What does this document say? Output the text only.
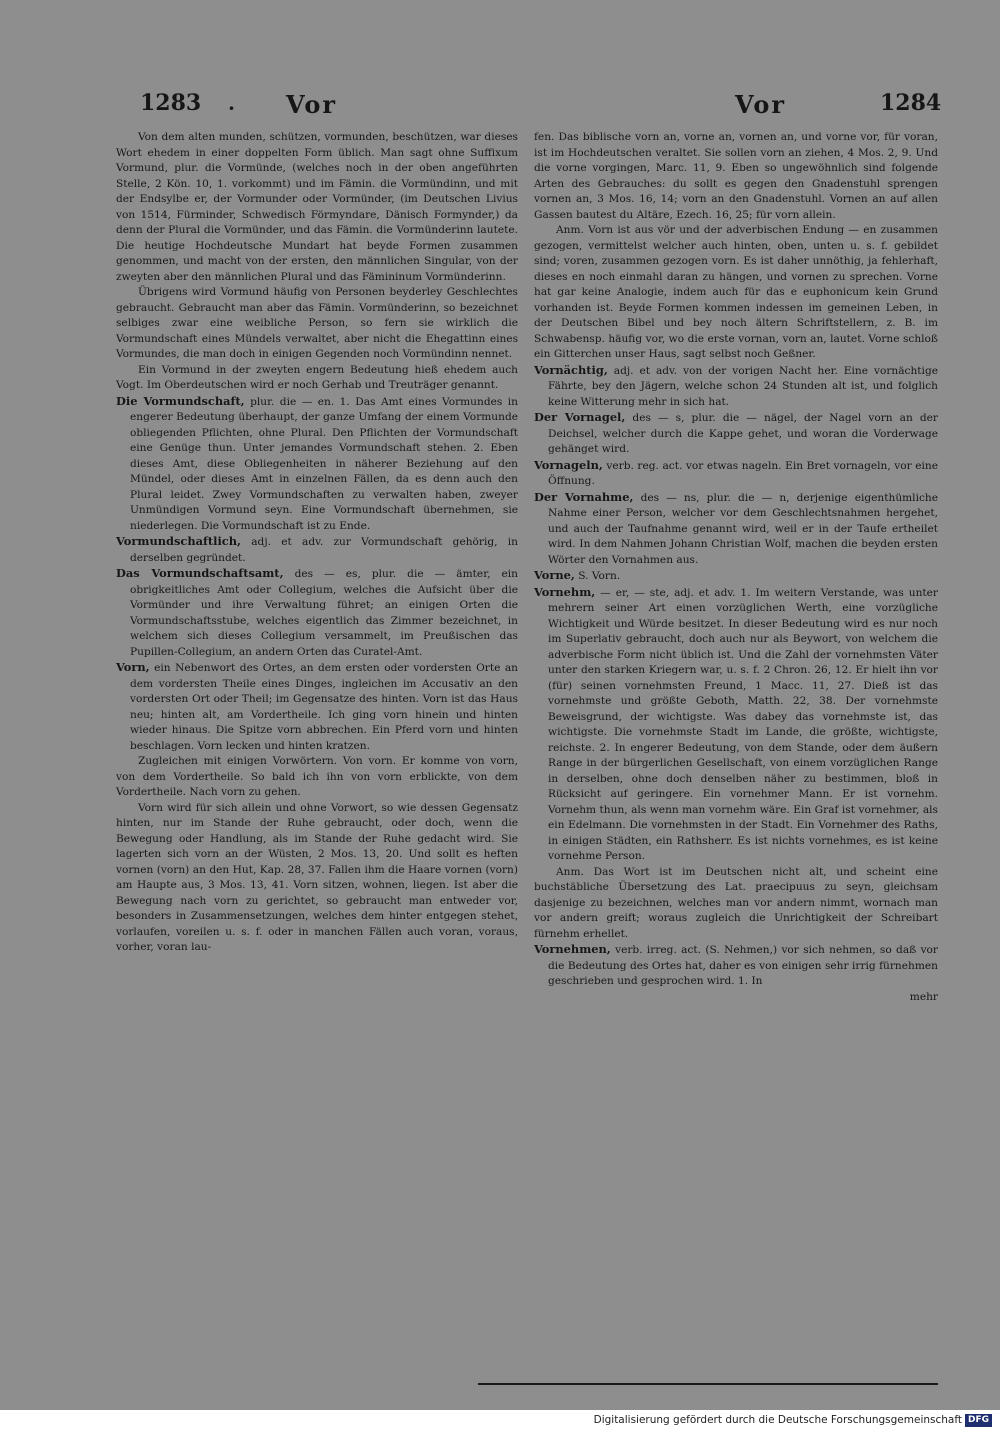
1283 · Vor	Vor	1284

Von dem alten munden, schützen, vormunden, beschützen, war dieses Wort ehedem in einer doppelten Form üblich. Man sagt ohne Suffixum Vormund, plur. die Vormünde, (welches noch in der oben angeführten Stelle, 2 Kön. 10, 1. vorkommt) und im Fämin. die Vormündinn, und mit der Endsylbe er, der Vormunder oder Vormünder, (im Deutschen Livius von 1514, Fürminder, Schwedisch Förmyndare, Dänisch Formynder,) da denn der Plural die Vormünder, und das Fämin. die Vormünderinn lautete. Die heutige Hochdeutsche Mundart hat beyde Formen zusammen genommen, und macht von der ersten, den männlichen Singular, von der zweyten aber den männlichen Plural und das Fämininum Vormünderinn.

Übrigens wird Vormund häufig von Personen beyderley Geschlechtes gebraucht. Gebraucht man aber das Fämin. Vormünderinn, so bezeichnet selbiges zwar eine weibliche Person, so fern sie wirklich die Vormundschaft eines Mündels verwaltet, aber nicht die Ehegattinn eines Vormundes, die man doch in einigen Gegenden noch Vormündinn nennet.

Ein Vormund in der zweyten engern Bedeutung hieß ehedem auch Vogt. Im Oberdeutschen wird er noch Gerhab und Treuträger genannt.

Die Vormundschaft, plur. die — en. 1. Das Amt eines Vormundes in engerer Bedeutung überhaupt, der ganze Umfang der einem Vormunde obliegenden Pflichten, ohne Plural. Den Pflichten der Vormundschaft eine Genüge thun. Unter jemandes Vormundschaft stehen. 2. Eben dieses Amt, diese Obliegenheiten in näherer Beziehung auf den Mündel, oder dieses Amt in einzelnen Fällen, da es denn auch den Plural leidet. Zwey Vormundschaften zu verwalten haben, zweyer Unmündigen Vormund seyn. Eine Vormundschaft übernehmen, sie niederlegen. Die Vormundschaft ist zu Ende.

Vormundschaftlich, adj. et adv. zur Vormundschaft gehörig, in derselben gegründet.

Das Vormundschaftsamt, des — es, plur. die — ämter, ein obrigkeitliches Amt oder Collegium, welches die Aufsicht über die Vormünder und ihre Verwaltung führet; an einigen Orten die Vormundschaftsstube, welches eigentlich das Zimmer bezeichnet, in welchem sich dieses Collegium versammelt, im Preußischen das Pupillen-Collegium, an andern Orten das Curatel-Amt.

Vorn, ein Nebenwort des Ortes, an dem ersten oder vordersten Orte an dem vordersten Theile eines Dinges, ingleichen im Accusativ an den vordersten Ort oder Theil; im Gegensatze des hinten. Vorn ist das Haus neu; hinten alt, am Vordertheile. Ich ging vorn hinein und hinten wieder hinaus. Die Spitze vorn abbrechen. Ein Pferd vorn und hinten beschlagen. Vorn lecken und hinten kratzen.

Zugleichen mit einigen Vorwörtern. Von vorn. Er komme von vorn, von dem Vordertheile. So bald ich ihn von vorn erblickte, von dem Vordertheile. Nach vorn zu gehen.

Vorn wird für sich allein und ohne Vorwort, so wie dessen Gegensatz hinten, nur im Stande der Ruhe gebraucht, oder doch, wenn die Bewegung oder Handlung, als im Stande der Ruhe gedacht wird. Sie lagerten sich vorn an der Wüsten, 2 Mos. 13, 20. Und sollt es heften vornen (vorn) an den Hut, Kap. 28, 37. Fallen ihm die Haare vornen (vorn) am Haupte aus, 3 Mos. 13, 41. Vorn sitzen, wohnen, liegen. Ist aber die Bewegung nach vorn zu gerichtet, so gebraucht man entweder vor, besonders in Zusammensetzungen, welches dem hinter entgegen stehet, vorlaufen, voreilen u. s. f. oder in manchen Fällen auch voran, voraus, vorher, voran lau-

fen. Das biblische vorn an, vorne an, vornen an, und vorne vor, für voran, ist im Hochdeutschen veraltet. Sie sollen vorn an ziehen, 4 Mos. 2, 9. Und die vorne vorgingen, Marc. 11, 9. Eben so ungewöhnlich sind folgende Arten des Gebrauches: du sollt es gegen den Gnadenstuhl sprengen vornen an, 3 Mos. 16, 14; vorn an den Gnadenstuhl. Vornen an auf allen Gassen bautest du Altäre, Ezech. 16, 25; für vorn allein.

Anm. Vorn ist aus vör und der adverbischen Endung — en zusammen gezogen, vermittelst welcher auch hinten, oben, unten u. s. f. gebildet sind; voren, zusammen gezogen vorn. Es ist daher unnöthig, ja fehlerhaft, dieses en noch einmahl daran zu hängen, und vornen zu sprechen. Vorne hat gar keine Analogie, indem auch für das e euphonicum kein Grund vorhanden ist. Beyde Formen kommen indessen im gemeinen Leben, in der Deutschen Bibel und bey noch ältern Schriftstellern, z. B. im Schwabensp. häufig vor, wo die erste vornan, vorn an, lautet. Vorne schloß ein Gitterchen unser Haus, sagt selbst noch Geßner.

Vornächtig, adj. et adv. von der vorigen Nacht her. Eine vornächtige Fährte, bey den Jägern, welche schon 24 Stunden alt ist, und folglich keine Witterung mehr in sich hat.

Der Vornagel, des — s, plur. die — nägel, der Nagel vorn an der Deichsel, welcher durch die Kappe gehet, und woran die Vorderwage gehänget wird.

Vornageln, verb. reg. act. vor etwas nageln. Ein Bret vornageln, vor eine Öffnung.

Der Vornahme, des — ns, plur. die — n, derjenige eigenthümliche Nahme einer Person, welcher vor dem Geschlechtsnahmen hergehet, und auch der Taufnahme genannt wird, weil er in der Taufe ertheilet wird. In dem Nahmen Johann Christian Wolf, machen die beyden ersten Wörter den Vornahmen aus.

Vorne, S. Vorn.

Vornehm, — er, — ste, adj. et adv. 1. Im weitern Verstande, was unter mehrern seiner Art einen vorzüglichen Werth, eine vorzügliche Wichtigkeit und Würde besitzet. In dieser Bedeutung wird es nur noch im Superlativ gebraucht, doch auch nur als Beywort, von welchem die adverbische Form nicht üblich ist. Und die Zahl der vornehmsten Väter unter den starken Kriegern war, u. s. f. 2 Chron. 26, 12. Er hielt ihn vor (für) seinen vornehmsten Freund, 1 Macc. 11, 27. Dieß ist das vornehmste und größte Geboth, Matth. 22, 38. Der vornehmste Beweisgrund, der wichtigste. Was dabey das vornehmste ist, das wichtigste. Die vornehmste Stadt im Lande, die größte, wichtigste, reichste. 2. In engerer Bedeutung, von dem Stande, oder dem äußern Range in der bürgerlichen Gesellschaft, von einem vorzüglichen Range in derselben, ohne doch denselben näher zu bestimmen, bloß in Rücksicht auf geringere. Ein vornehmer Mann. Er ist vornehm. Vornehm thun, als wenn man vornehm wäre. Ein Graf ist vornehmer, als ein Edelmann. Die vornehmsten in der Stadt. Ein Vornehmer des Raths, in einigen Städten, ein Rathsherr. Es ist nichts vornehmes, es ist keine vornehme Person.

Anm. Das Wort ist im Deutschen nicht alt, und scheint eine buchstäbliche Übersetzung des Lat. praecipuus zu seyn, gleichsam dasjenige zu bezeichnen, welches man vor andern nimmt, wornach man vor andern greift; woraus zugleich die Unrichtigkeit der Schreibart fürnehm erhellet.

Vornehmen, verb. irreg. act. (S. Nehmen,) vor sich nehmen, so daß vor die Bedeutung des Ortes hat, daher es von einigen sehr irrig fürnehmen geschrieben und gesprochen wird. 1. In

mehr

Digitalisierung gefördert durch die Deutsche Forschungsgemeinschaft DFG
